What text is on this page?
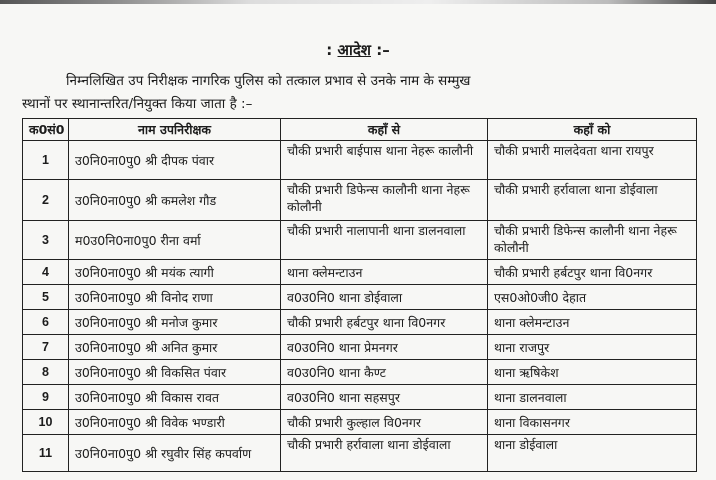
: आदेश :–
निम्नलिखित उप निरीक्षक नागरिक पुलिस को तत्काल प्रभाव से उनके नाम के सम्मुख
स्थानों पर स्थानान्तरित/नियुक्त किया जाता है :–
क0सं0	नाम उपनिरीक्षक	कहाँ से	कहाँ को
1	उ0नि0ना0पु0 श्री दीपक पंवार	चौकी प्रभारी बाईपास थाना नेहरू कालौनी	चौकी प्रभारी मालदेवता थाना रायपुर
2	उ0नि0ना0पु0 श्री कमलेश गौड	चौकी प्रभारी डिफेन्स कालौनी थाना नेहरू कोलौनी	चौकी प्रभारी हर्रावाला थाना डोईवाला
3	म0उ0नि0ना0पु0 रीना वर्मा	चौकी प्रभारी नालापानी थाना डालनवाला	चौकी प्रभारी डिफेन्स कालौनी थाना नेहरू कोलौनी
4	उ0नि0ना0पु0 श्री मयंक त्यागी	थाना क्लेमन्टाउन	चौकी प्रभारी हर्बटपुर थाना वि0नगर
5	उ0नि0ना0पु0 श्री विनोद राणा	व0उ0नि0 थाना डोईवाला	एस0ओ0जी0 देहात
6	उ0नि0ना0पु0 श्री मनोज कुमार	चौकी प्रभारी हर्बटपुर थाना वि0नगर	थाना क्लेमन्टाउन
7	उ0नि0ना0पु0 श्री अनित कुमार	व0उ0नि0 थाना प्रेमनगर	थाना राजपुर
8	उ0नि0ना0पु0 श्री विकसित पंवार	व0उ0नि0 थाना कैण्ट	थाना ऋषिकेश
9	उ0नि0ना0पु0 श्री विकास रावत	व0उ0नि0 थाना सहसपुर	थाना डालनवाला
10	उ0नि0ना0पु0 श्री विवेक भण्डारी	चौकी प्रभारी कुल्हाल वि0नगर	थाना विकासनगर
11	उ0नि0ना0पु0 श्री रघुवीर सिंह कपर्वाण	चौकी प्रभारी हर्रावाला थाना डोईवाला	थाना डोईवाला
